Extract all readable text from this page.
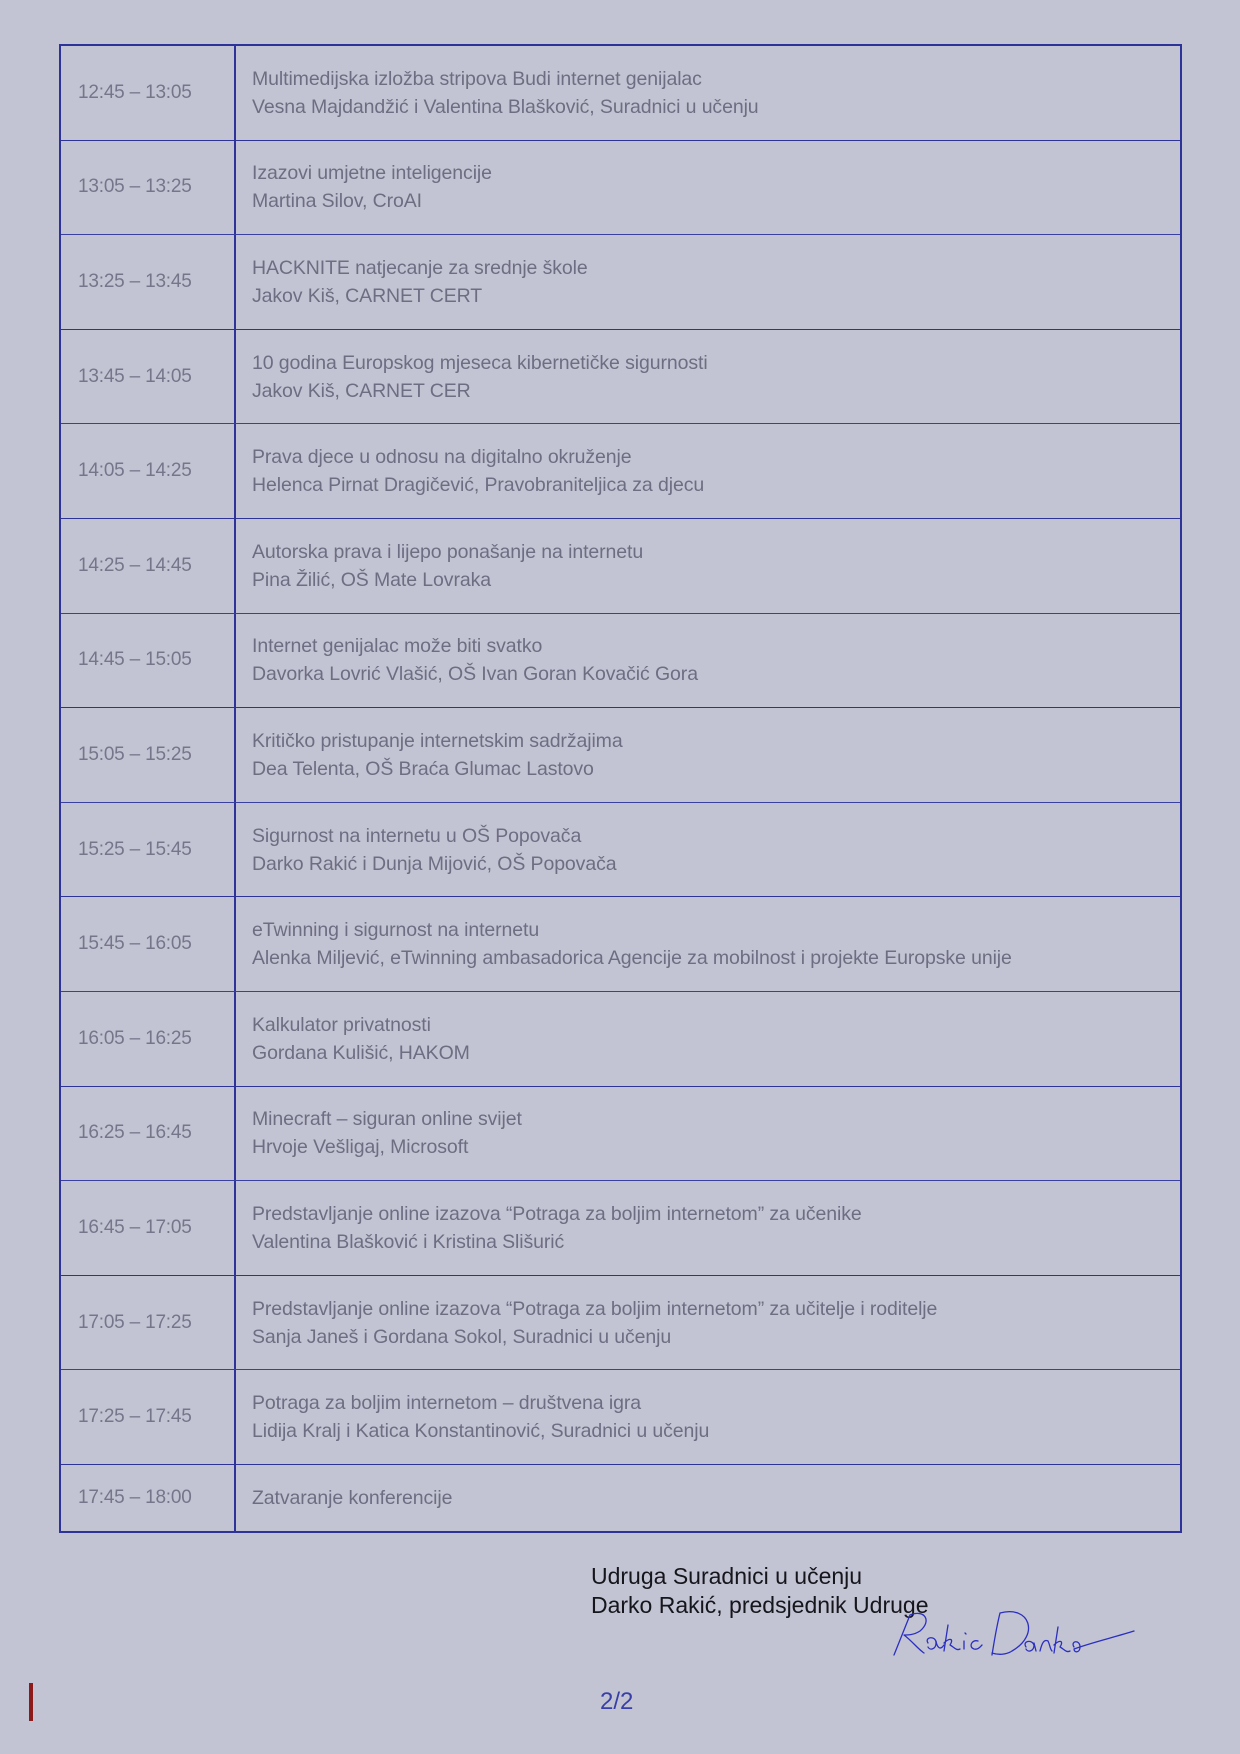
12:45 – 13:05
Multimedijska izložba stripova Budi internet genijalac
Vesna Majdandžić i Valentina Blašković, Suradnici u učenju
13:05 – 13:25
Izazovi umjetne inteligencije
Martina Silov, CroAI
13:25 – 13:45
HACKNITE natjecanje za srednje škole
Jakov Kiš, CARNET CERT
13:45 – 14:05
10 godina Europskog mjeseca kibernetičke sigurnosti
Jakov Kiš, CARNET CER
14:05 – 14:25
Prava djece u odnosu na digitalno okruženje
Helenca Pirnat Dragičević, Pravobraniteljica za djecu
14:25 – 14:45
Autorska prava i lijepo ponašanje na internetu
Pina Žilić, OŠ Mate Lovraka
14:45 – 15:05
Internet genijalac može biti svatko
Davorka Lovrić Vlašić, OŠ Ivan Goran Kovačić Gora
15:05 – 15:25
Kritičko pristupanje internetskim sadržajima
Dea Telenta, OŠ Braća Glumac Lastovo
15:25 – 15:45
Sigurnost na internetu u OŠ Popovača
Darko Rakić i Dunja Mijović, OŠ Popovača
15:45 – 16:05
eTwinning i sigurnost na internetu
Alenka Miljević, eTwinning ambasadorica Agencije za mobilnost i projekte Europske unije
16:05 – 16:25
Kalkulator privatnosti
Gordana Kulišić, HAKOM
16:25 – 16:45
Minecraft – siguran online svijet
Hrvoje Vešligaj, Microsoft
16:45 – 17:05
Predstavljanje online izazova “Potraga za boljim internetom” za učenike
Valentina Blašković i Kristina Slišurić
17:05 – 17:25
Predstavljanje online izazova “Potraga za boljim internetom” za učitelje i roditelje
Sanja Janeš i Gordana Sokol, Suradnici u učenju
17:25 – 17:45
Potraga za boljim internetom – društvena igra
Lidija Kralj i Katica Konstantinović, Suradnici u učenju
17:45 – 18:00	Zatvaranje konferencije
Udruga Suradnici u učenju
Darko Rakić, predsjednik Udruge
2/2
